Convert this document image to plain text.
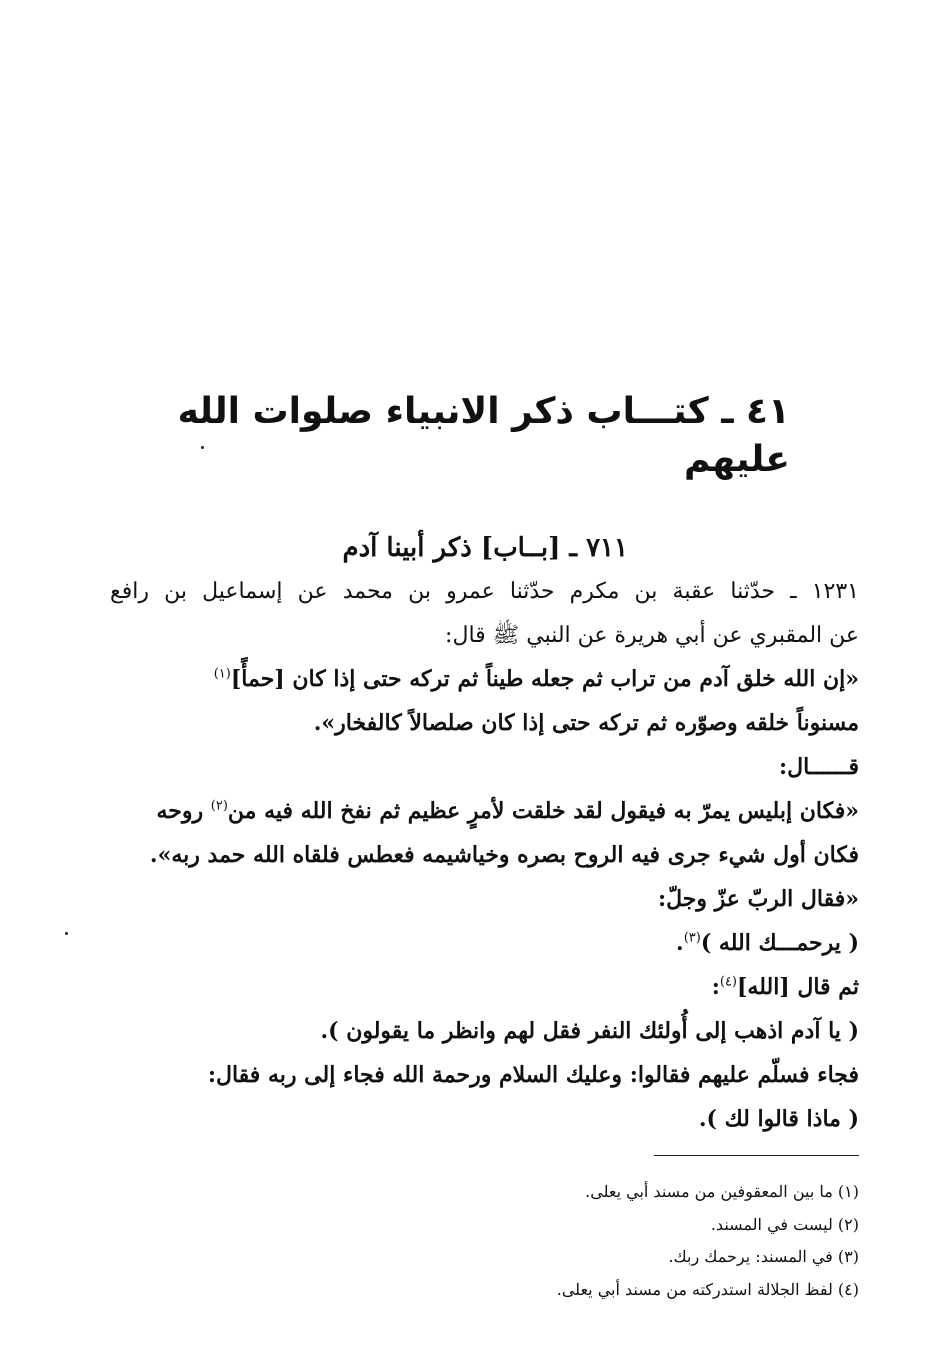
٤١ ـ كتـــاب ذكر الانبياء صلوات الله عليهم
٧١١ ـ [بــاب] ذكر أبينا آدم
١٢٣١ ـ حدّثنا عقبة بن مكرم حدّثنا عمرو بن محمد عن إسماعيل بن رافع
عن المقبري عن أبي هريرة عن النبي ﷺ قال:
«إن الله خلق آدم من تراب ثم جعله طيناً ثم تركه حتى إذا كان [حمأً]$^{(١)}$
مسنوناً خلقه وصوّره ثم تركه حتى إذا كان صلصالاً كالفخار».
قــــــال:
«فكان إبليس يمرّ به فيقول لقد خلقت لأمرٍ عظيم ثم نفخ الله فيه من$^{(٢)}$ روحه
فكان أول شيء جرى فيه الروح بصره وخياشيمه فعطس فلقاه الله حمد ربه».
«فقال الربّ عزّ وجلّ:
( يرحمـــك الله )$^{(٣)}$.
ثم قال [الله]$^{(٤)}$:
( يا آدم اذهب إلى أُولئك النفر فقل لهم وانظر ما يقولون ).
فجاء فسلّم عليهم فقالوا: وعليك السلام ورحمة الله فجاء إلى ربه فقال:
( ماذا قالوا لك ).
(١) ما بين المعقوفين من مسند أبي يعلى.
(٢) ليست في المسند.
(٣) في المسند: يرحمك ربك.
(٤) لفظ الجلالة استدركته من مسند أبي يعلى.
